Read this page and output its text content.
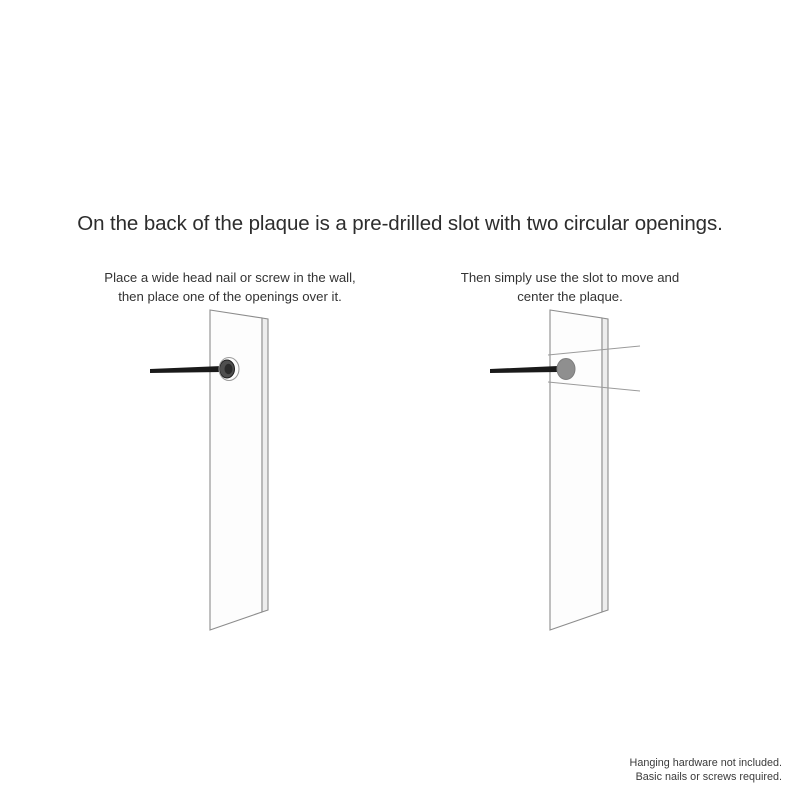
On the back of the plaque is a pre-drilled slot with two circular openings.
Place a wide head nail or screw in the wall,
then place one of the openings over it.
Then simply use the slot to move and
center the plaque.
Hanging hardware not included.
Basic nails or screws required.
